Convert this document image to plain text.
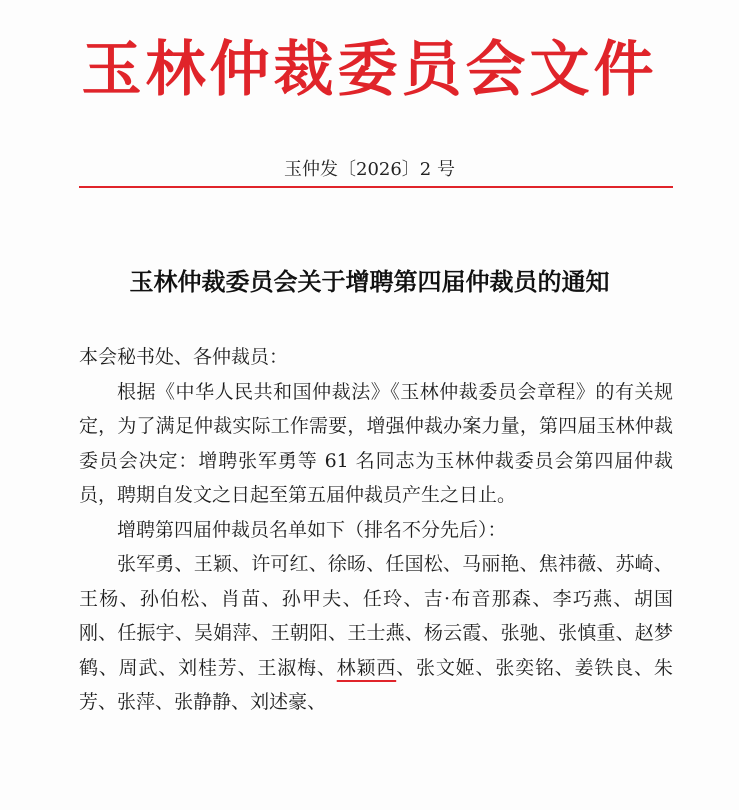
玉林仲裁委员会文件
玉仲发〔2026〕2 号
玉林仲裁委员会关于增聘第四届仲裁员的通知

本会秘书处、各仲裁员：

根据《中华人民共和国仲裁法》《玉林仲裁委员会章程》的有关规定，为了满足仲裁实际工作需要，增强仲裁办案力量，第四届玉林仲裁委员会决定：增聘张军勇等 61 名同志为玉林仲裁委员会第四届仲裁员，聘期自发文之日起至第五届仲裁员产生之日止。

增聘第四届仲裁员名单如下（排名不分先后）：

张军勇、王颖、许可红、徐旸、任国松、马丽艳、焦祎薇、苏崎、王杨、孙伯松、肖苗、孙甲夫、任玲、吉·布音那森、李巧燕、胡国刚、任振宇、吴娟萍、王朝阳、王士燕、杨云霞、张驰、张慎重、赵梦鹤、周武、刘桂芳、王淑梅、林颖西、张文姬、张奕铭、姜铁良、朱芳、张萍、张静静、刘述豪、
